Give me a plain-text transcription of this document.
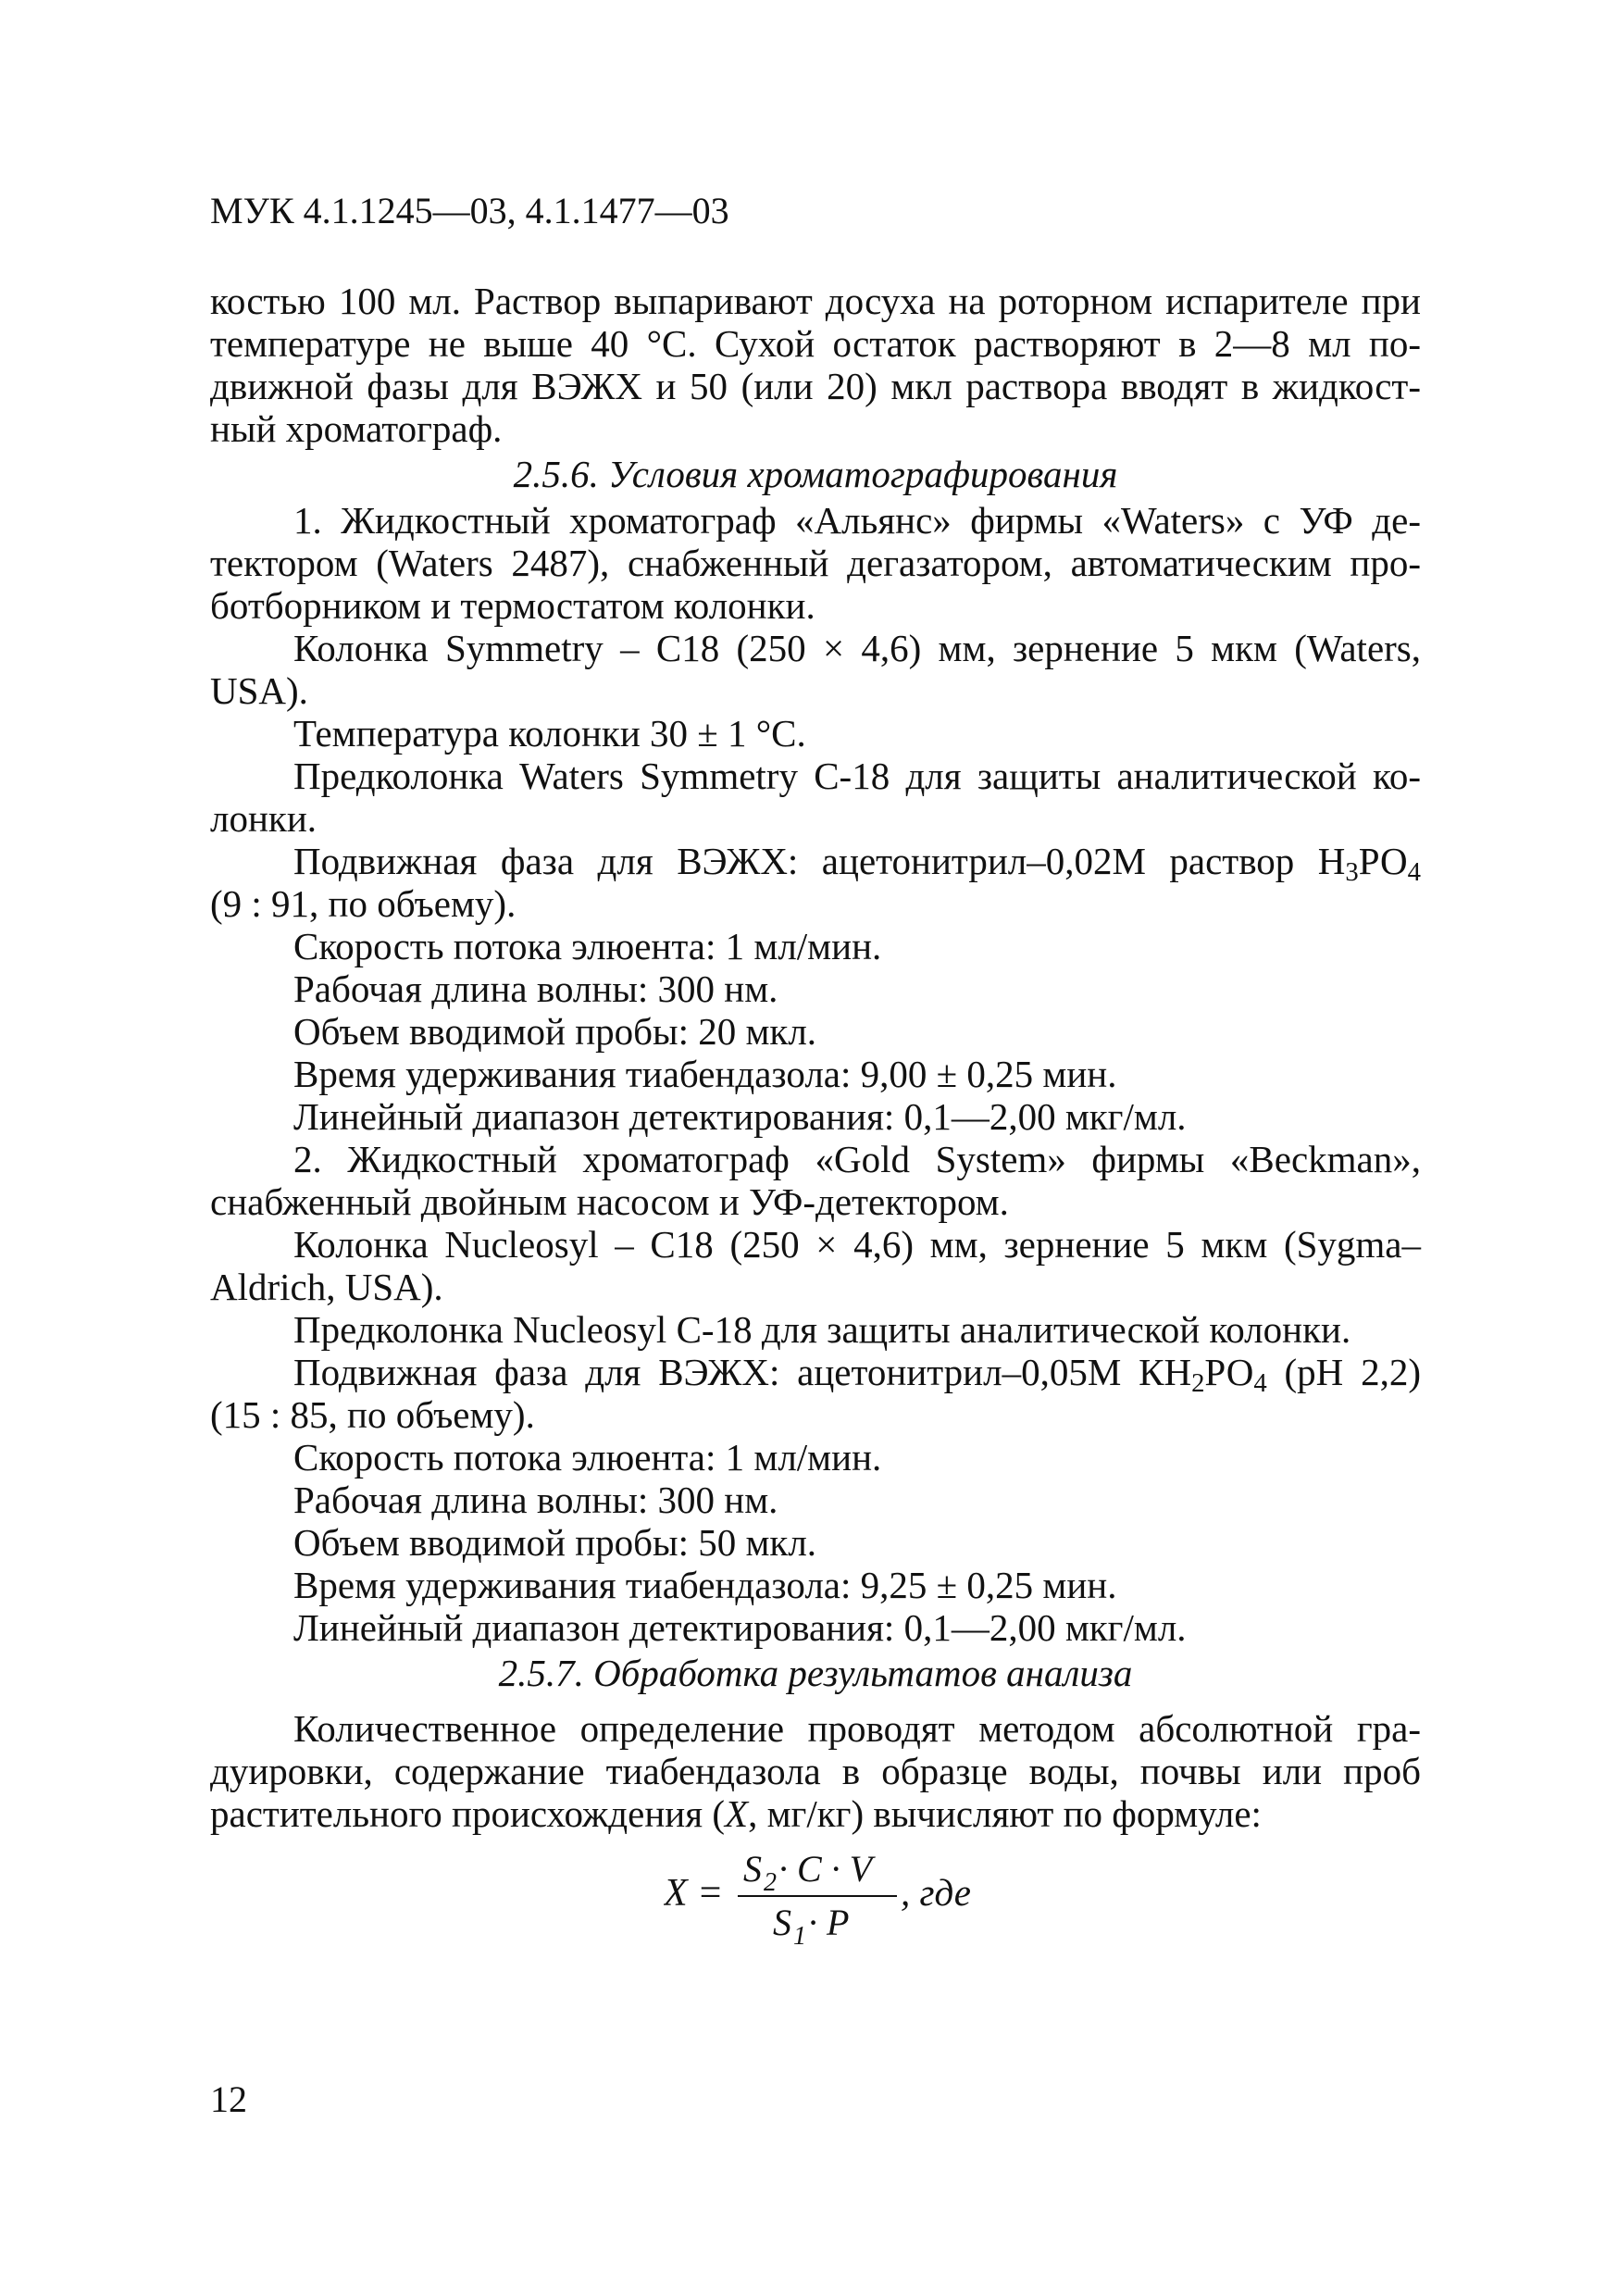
МУК 4.1.1245—03, 4.1.1477—03
костью 100 мл. Раствор выпаривают досуха на роторном испарителе при
температуре не выше 40 °С. Сухой остаток растворяют в 2—8 мл по-
движной фазы для ВЭЖХ и 50 (или 20) мкл раствора вводят в жидкост-
ный хроматограф.
2.5.6. Условия хроматографирования
1. Жидкостный хроматограф «Альянс» фирмы «Waters» с УФ де-
тектором (Waters 2487), снабженный дегазатором, автоматическим про-
ботборником и термостатом колонки.
Колонка Symmetry – С18 (250 × 4,6) мм, зернение 5 мкм (Waters,
USA).
Температура колонки 30 ± 1 °С.
Предколонка Waters Symmetry С-18 для защиты аналитической ко-
лонки.
Подвижная фаза для ВЭЖХ: ацетонитрил–0,02М раствор $Н_3РО_4$
(9 : 91, по объему).
Скорость потока элюента: 1 мл/мин.
Рабочая длина волны: 300 нм.
Объем вводимой пробы: 20 мкл.
Время удерживания тиабендазола: 9,00 ± 0,25 мин.
Линейный диапазон детектирования: 0,1—2,00 мкг/мл.
2. Жидкостный хроматограф «Gold System» фирмы «Beckman»,
снабженный двойным насосом и УФ-детектором.
Колонка Nucleosyl – С18 (250 × 4,6) мм, зернение 5 мкм (Sygma–
Aldrich, USA).
Предколонка Nucleosyl С-18 для защиты аналитической колонки.
Подвижная фаза для ВЭЖХ: ацетонитрил–0,05М $КН_2РО_4$ (рН 2,2)
(15 : 85, по объему).
Скорость потока элюента: 1 мл/мин.
Рабочая длина волны: 300 нм.
Объем вводимой пробы: 50 мкл.
Время удерживания тиабендазола: 9,25 ± 0,25 мин.
Линейный диапазон детектирования: 0,1—2,00 мкг/мл.
2.5.7. Обработка результатов анализа
Количественное определение проводят методом абсолютной гра-
дуировки, содержание тиабендазола в образце воды, почвы или проб
растительного происхождения (X, мг/кг) вычисляют по формуле:
X =
S 2 · C · V
S 1 · P
, где
12
